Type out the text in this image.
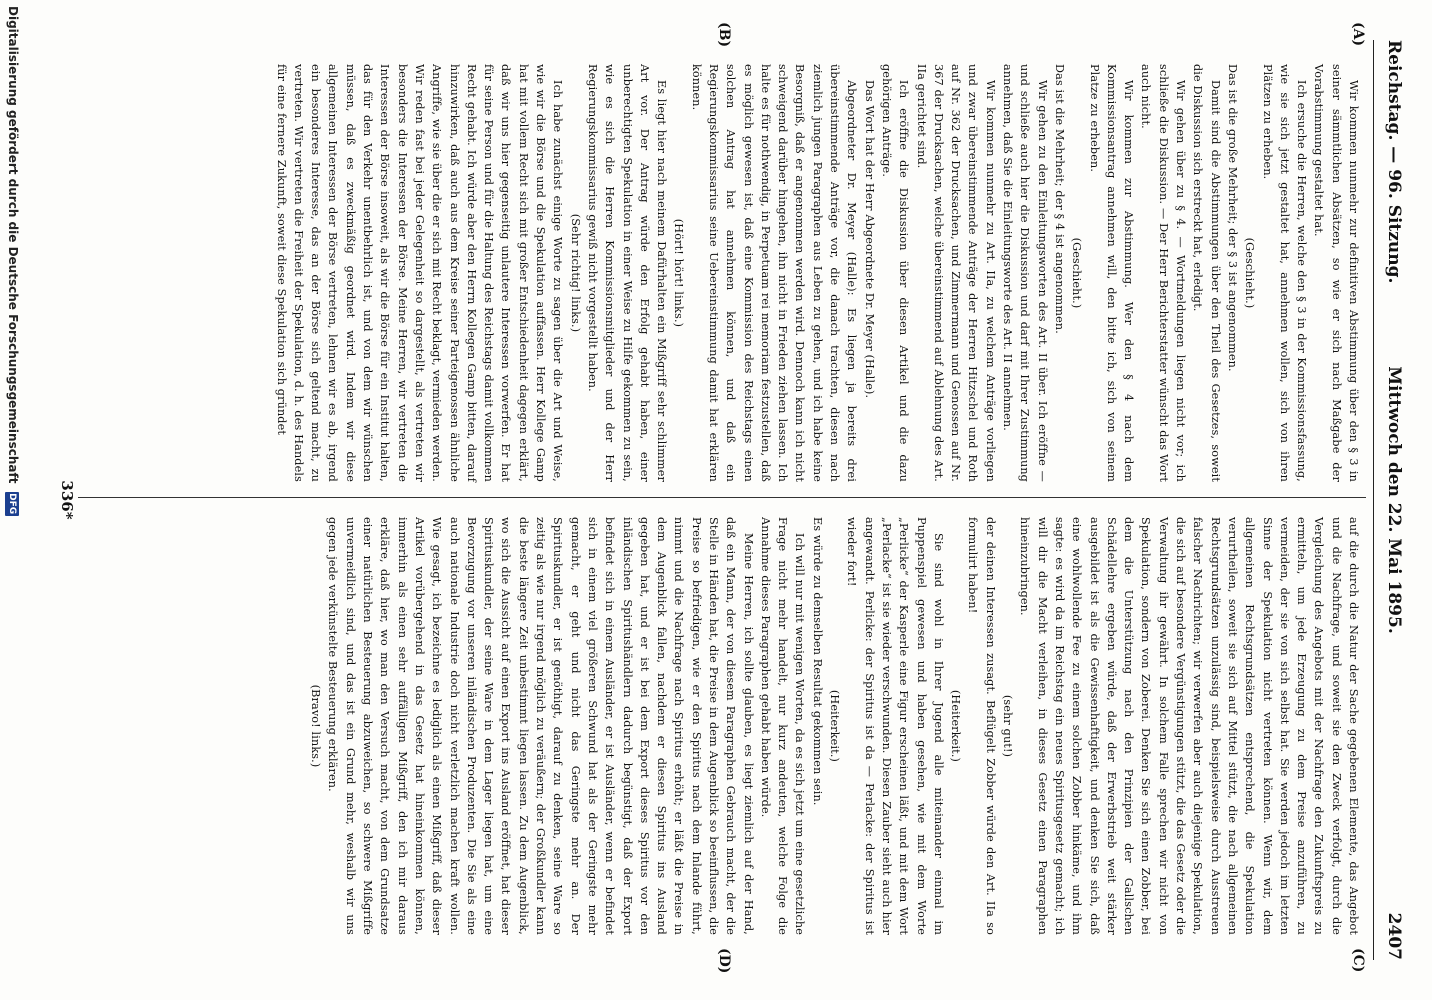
Reichstag. — 96. Sitzung.
Mittwoch den 22. Mai 1895.
2407
(A)
(B)
(C)
(D)

Wir kommen nunmehr zur definitiven Abstimmung über den § 3 in seiner sämmtlichen Absätzen, so wie er sich nach Maßgabe der Vorabstimmung gestaltet hat.

Ich ersuche die Herren, welche den § 3 in der Kommissionsfassung, wie sie sich jetzt gestaltet hat, annehmen wollen, sich von ihren Plätzen zu erheben.

(Geschieht.)

Das ist die große Mehrheit; der § 3 ist angenommen.

Damit sind die Abstimmungen über den Theil des Gesetzes, soweit die Diskussion sich erstreckt hat, erledigt.

Wir gehen über zu § 4. — Wortmeldungen liegen nicht vor; ich schließe die Diskussion. — Der Herr Berichterstatter wünscht das Wort auch nicht.

Wir kommen zur Abstimmung. Wer den § 4 nach dem Kommissionsantrag annehmen will, den bitte ich, sich von seinem Platze zu erheben.

(Geschieht.)

Das ist die Mehrheit; der § 4 ist angenommen.

Wir gehen zu den Einleitungsworten des Art. II über. Ich eröffne — und schließe auch hier die Diskussion und darf mit Ihrer Zustimmung annehmen, daß Sie die Einleitungsworte des Art. II annehmen.

Wir kommen nunmehr zu Art. IIa, zu welchem Anträge vorliegen und zwar übereinstimmende Anträge der Herren Hitzschel und Roth auf Nr. 362 der Drucksachen, und Zimmermann und Genossen auf Nr. 367 der Drucksachen, welche übereinstimmend auf Ablehnung des Art. IIa gerichtet sind.

Ich eröffne die Diskussion über diesen Artikel und die dazu gehörigen Anträge.

Das Wort hat der Herr Abgeordnete Dr. Meyer (Halle).

Abgeordneter Dr. Meyer (Halle): Es liegen ja bereits drei übereinstimmende Anträge vor, die danach trachten, diesen nach ziemlich jungen Paragraphen aus Leben zu gehen, und ich habe keine Besorgniß, daß er angenommen werden wird. Dennoch kann ich nicht schweigend darüber hingehen, ihn nicht in Frieden ziehen lassen. Ich halte es für nothwendig, in Perpetuam rei memoriam festzustellen, daß es möglich gewesen ist, daß eine Kommission des Reichstags einen solchen Antrag hat annehmen können, und daß ein Regierungskommissarius seine Uebereinstimmung damit hat erklären können.

(Hört! hört! links.)

Es liegt hier nach meinem Dafürhalten ein Mißgriff sehr schlimmer Art vor. Der Antrag würde den Erfolg gehabt haben, einer unberechtigten Spekulation in einer Weise zu Hilfe gekommen zu sein, wie es sich die Herren Kommissionsmitglieder und der Herr Regierungskommissarius gewiß nicht vorgestellt haben.

(Sehr richtig! links.)

Ich habe zunächst einige Worte zu sagen über die Art und Weise, wie wir die Börse und die Spekulation auffassen. Herr Kollege Gamp hat mit vollem Recht sich mit großer Entschiedenheit dagegen erklärt, daß wir uns hier gegenseitig unlautere Interessen vorwerfen. Er hat für seine Person und für die Haltung des Reichstags damit vollkommen Recht gehabt. Ich würde aber den Herrn Kollegen Gamp bitten, darauf hinzuwirken, daß auch aus dem Kreise seiner Parteigenossen ähnliche Angriffe, wie sie über die er sich mit Recht beklagt, vermieden werden. Wir reden fast bei jeder Gelegenheit so dargestellt, als vertreten wir besonders die Interessen der Börse. Meine Herren, wir vertreten die Interessen der Börse insoweit, als wir die Börse für ein Institut halten, das für den Verkehr unentbehrlich ist, und von dem wir wünschen müssen, daß es zweckmäßig geordnet wird. Indem wir diese allgemeinen Interessen der Börse vertreten, lehnen wir es ab, irgend ein besonderes Interesse, das an der Börse sich geltend macht, zu vertreten. Wir vertreten die Freiheit der Spekulation, d. h. des Handels für eine fernere Zukunft, soweit diese Spekulation sich gründet

auf die durch die Natur der Sache gegebenen Elemente, das Angebot und die Nachfrage, und soweit sie den Zweck verfolgt, durch die Vergleichung des Angebots mit der Nachfrage den Zukunftspreis zu ermitteln, um jede Erzeugung zu dem Preise anzuführen, zu vermeiden, der sie von sich selbst hat. Sie werden jedoch im letzten Sinne der Spekulation nicht vertreten können. Wenn wir, dem allgemeinen Rechtsgrundsätzen entsprechend, die Spekulation verurtheilen, soweit sie sich auf Mittel stützt, die nach allgemeinen Rechtsgrundsätzen unzulässig sind, beispielsweise durch Ausstreuen falscher Nachrichten; wir verwerfen aber auch diejenige Spekulation, die sich auf besondere Vergünstigungen stützt, die das Gesetz oder die Verwaltung ihr gewährt. In solchem Falle sprechen wir nicht von Spekulation, sondern von Zoberei. Denken Sie sich einen Zobber, bei dem die Unterstützung nach den Prinzipien der Gallschen Schädellehre ergeben würde, daß der Erwerbstrieb weit stärker ausgebildet ist als die Gewissenhaftigkeit, und denken Sie sich, daß eine wohlwollende Fee zu einem solchen Zobber hinkäme, und ihm sagte: es wird da im Reichstag ein neues Spiritusgesetz gemacht; ich will dir die Macht verleihen, in dieses Gesetz einen Paragraphen hineinzubringen.

(sehr gut!)

der deinen Interessen zusagt. Beflügelt Zobber würde den Art. IIa so formulirt haben!

(Heiterkeit.)

Sie sind wohl in Ihrer Jugend alle miteinander einmal im Puppenspiel gewesen und haben gesehen, wie mit dem Worte „Perlicke“ der Kasperle eine Figur erscheinen läßt, und mit dem Wort „Perlacke“ ist sie wieder verschwunden. Diesen Zauber sieht auch hier angewandt. Perlicke: der Spiritus ist da — Perlacke: der Spiritus ist wieder fort!

(Heiterkeit.)

Es würde zu demselben Resultat gekommen sein.

Ich will nur mit wenigen Worten, da es sich jetzt um eine gesetzliche Frage nicht mehr handelt, nur kurz andeuten, welche Folge die Annahme dieses Paragraphen gehabt haben würde.

Meine Herren, ich sollte glauben, es liegt ziemlich auf der Hand, daß ein Mann, der von diesem Paragraphen Gebrauch macht, der die Stelle in Händen hat, die Preise in dem Augenblick so beeinflussen, die Preise so befriedigen, wie er den Spiritus nach dem Inlande führt, nimmt und die Nachfrage nach Spiritus erhöht; er läßt die Preise in dem Augenblick fallen, nachdem er diesen Spiritus ins Ausland gegeben hat, und er ist bei dem Export dieses Spiritus vor den inländischen Spiritushändlern dadurch begünstigt, daß der Export befindet sich in einem Ausländer, er ist Ausländer, wenn er befindet sich in einem viel größeren Schwund hat als der Geringste mehr gemacht, er geht und nicht das Geringste mehr an. Der Spirituskundler, er ist genöthigt, darauf zu denken, seine Ware so zeitig als wie nur irgend möglich zu veräußern; der Großkundler kann die beste längere Zeit unbestimmt liegen lassen. Zu dem Augenblick, wo sich die Aussicht auf einen Export ins Ausland eröffnet, hat dieser Spirituskundler, der seine Ware in dem Lager liegen hat, um eine Bevorzugung vor unseren inländischen Produzenten. Die Sie als eine auch nationale Industrie doch nicht verletzlich machen kraft wollen. Wie gesagt, ich bezeichne es lediglich als einen Mißgriff, daß dieser Artikel vorübergehend in das Gesetz hat hineinkommen können, immerhin als einen sehr auffälligen Mißgriff, den ich mir daraus erkläre, daß hier, wo man den Versuch macht, von dem Grundsatze einer natürlichen Besteuerung abzuweichen, so schwere Mißgriffe unvermeidlich sind, und das ist ein Grund mehr, weshalb wir uns gegen jede verkünstelte Besteuerung erklären.

(Bravo! links.)

336*
Digitalisierung gefördert durch die Deutsche Forschungsgemeinschaft DFG
